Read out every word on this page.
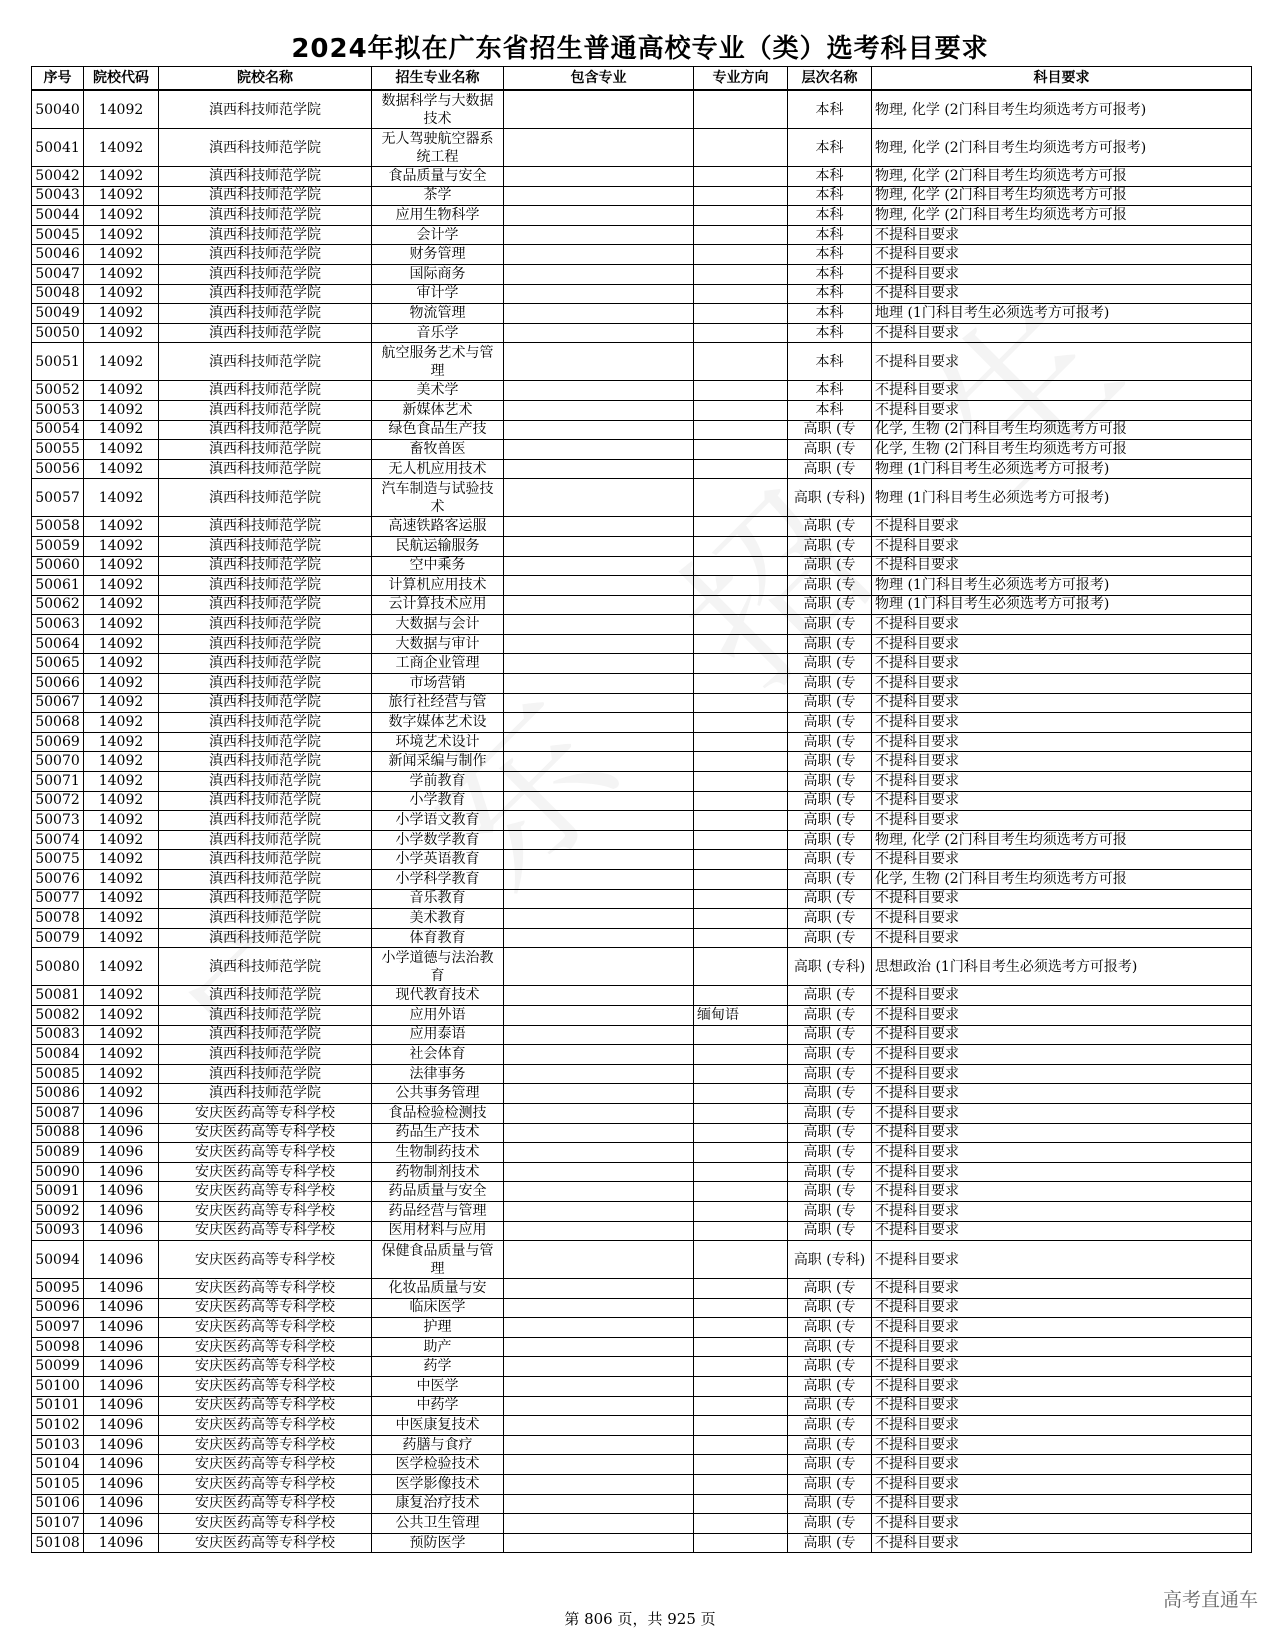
2024年拟在广东省招生普通高校专业（类）选考科目要求
序号	院校代码	院校名称	招生专业名称	包含专业	专业方向	层次名称	科目要求
50040	14092	滇西科技师范学院	数据科学与大数据技术			本科	物理, 化学 (2门科目考生均须选考方可报考)
50041	14092	滇西科技师范学院	无人驾驶航空器系统工程			本科	物理, 化学 (2门科目考生均须选考方可报考)
50042	14092	滇西科技师范学院	食品质量与安全			本科	物理, 化学 (2门科目考生均须选考方可报
50043	14092	滇西科技师范学院	茶学			本科	物理, 化学 (2门科目考生均须选考方可报
50044	14092	滇西科技师范学院	应用生物科学			本科	物理, 化学 (2门科目考生均须选考方可报
50045	14092	滇西科技师范学院	会计学			本科	不提科目要求
50046	14092	滇西科技师范学院	财务管理			本科	不提科目要求
50047	14092	滇西科技师范学院	国际商务			本科	不提科目要求
50048	14092	滇西科技师范学院	审计学			本科	不提科目要求
50049	14092	滇西科技师范学院	物流管理			本科	地理 (1门科目考生必须选考方可报考)
50050	14092	滇西科技师范学院	音乐学			本科	不提科目要求
50051	14092	滇西科技师范学院	航空服务艺术与管理			本科	不提科目要求
50052	14092	滇西科技师范学院	美术学			本科	不提科目要求
50053	14092	滇西科技师范学院	新媒体艺术			本科	不提科目要求
50054	14092	滇西科技师范学院	绿色食品生产技			高职 (专	化学, 生物 (2门科目考生均须选考方可报
50055	14092	滇西科技师范学院	畜牧兽医			高职 (专	化学, 生物 (2门科目考生均须选考方可报
50056	14092	滇西科技师范学院	无人机应用技术			高职 (专	物理 (1门科目考生必须选考方可报考)
50057	14092	滇西科技师范学院	汽车制造与试验技术			高职 (专科)	物理 (1门科目考生必须选考方可报考)
50058	14092	滇西科技师范学院	高速铁路客运服			高职 (专	不提科目要求
50059	14092	滇西科技师范学院	民航运输服务			高职 (专	不提科目要求
50060	14092	滇西科技师范学院	空中乘务			高职 (专	不提科目要求
50061	14092	滇西科技师范学院	计算机应用技术			高职 (专	物理 (1门科目考生必须选考方可报考)
50062	14092	滇西科技师范学院	云计算技术应用			高职 (专	物理 (1门科目考生必须选考方可报考)
50063	14092	滇西科技师范学院	大数据与会计			高职 (专	不提科目要求
50064	14092	滇西科技师范学院	大数据与审计			高职 (专	不提科目要求
50065	14092	滇西科技师范学院	工商企业管理			高职 (专	不提科目要求
50066	14092	滇西科技师范学院	市场营销			高职 (专	不提科目要求
50067	14092	滇西科技师范学院	旅行社经营与管			高职 (专	不提科目要求
50068	14092	滇西科技师范学院	数字媒体艺术设			高职 (专	不提科目要求
50069	14092	滇西科技师范学院	环境艺术设计			高职 (专	不提科目要求
50070	14092	滇西科技师范学院	新闻采编与制作			高职 (专	不提科目要求
50071	14092	滇西科技师范学院	学前教育			高职 (专	不提科目要求
50072	14092	滇西科技师范学院	小学教育			高职 (专	不提科目要求
50073	14092	滇西科技师范学院	小学语文教育			高职 (专	不提科目要求
50074	14092	滇西科技师范学院	小学数学教育			高职 (专	物理, 化学 (2门科目考生均须选考方可报
50075	14092	滇西科技师范学院	小学英语教育			高职 (专	不提科目要求
50076	14092	滇西科技师范学院	小学科学教育			高职 (专	化学, 生物 (2门科目考生均须选考方可报
50077	14092	滇西科技师范学院	音乐教育			高职 (专	不提科目要求
50078	14092	滇西科技师范学院	美术教育			高职 (专	不提科目要求
50079	14092	滇西科技师范学院	体育教育			高职 (专	不提科目要求
50080	14092	滇西科技师范学院	小学道德与法治教育			高职 (专科)	思想政治 (1门科目考生必须选考方可报考)
50081	14092	滇西科技师范学院	现代教育技术			高职 (专	不提科目要求
50082	14092	滇西科技师范学院	应用外语		缅甸语	高职 (专	不提科目要求
50083	14092	滇西科技师范学院	应用泰语			高职 (专	不提科目要求
50084	14092	滇西科技师范学院	社会体育			高职 (专	不提科目要求
50085	14092	滇西科技师范学院	法律事务			高职 (专	不提科目要求
50086	14092	滇西科技师范学院	公共事务管理			高职 (专	不提科目要求
50087	14096	安庆医药高等专科学校	食品检验检测技			高职 (专	不提科目要求
50088	14096	安庆医药高等专科学校	药品生产技术			高职 (专	不提科目要求
50089	14096	安庆医药高等专科学校	生物制药技术			高职 (专	不提科目要求
50090	14096	安庆医药高等专科学校	药物制剂技术			高职 (专	不提科目要求
50091	14096	安庆医药高等专科学校	药品质量与安全			高职 (专	不提科目要求
50092	14096	安庆医药高等专科学校	药品经营与管理			高职 (专	不提科目要求
50093	14096	安庆医药高等专科学校	医用材料与应用			高职 (专	不提科目要求
50094	14096	安庆医药高等专科学校	保健食品质量与管理			高职 (专科)	不提科目要求
50095	14096	安庆医药高等专科学校	化妆品质量与安			高职 (专	不提科目要求
50096	14096	安庆医药高等专科学校	临床医学			高职 (专	不提科目要求
50097	14096	安庆医药高等专科学校	护理			高职 (专	不提科目要求
50098	14096	安庆医药高等专科学校	助产			高职 (专	不提科目要求
50099	14096	安庆医药高等专科学校	药学			高职 (专	不提科目要求
50100	14096	安庆医药高等专科学校	中医学			高职 (专	不提科目要求
50101	14096	安庆医药高等专科学校	中药学			高职 (专	不提科目要求
50102	14096	安庆医药高等专科学校	中医康复技术			高职 (专	不提科目要求
50103	14096	安庆医药高等专科学校	药膳与食疗			高职 (专	不提科目要求
50104	14096	安庆医药高等专科学校	医学检验技术			高职 (专	不提科目要求
50105	14096	安庆医药高等专科学校	医学影像技术			高职 (专	不提科目要求
50106	14096	安庆医药高等专科学校	康复治疗技术			高职 (专	不提科目要求
50107	14096	安庆医药高等专科学校	公共卫生管理			高职 (专	不提科目要求
50108	14096	安庆医药高等专科学校	预防医学			高职 (专	不提科目要求
第 806 页，共 925 页
高考直通车
